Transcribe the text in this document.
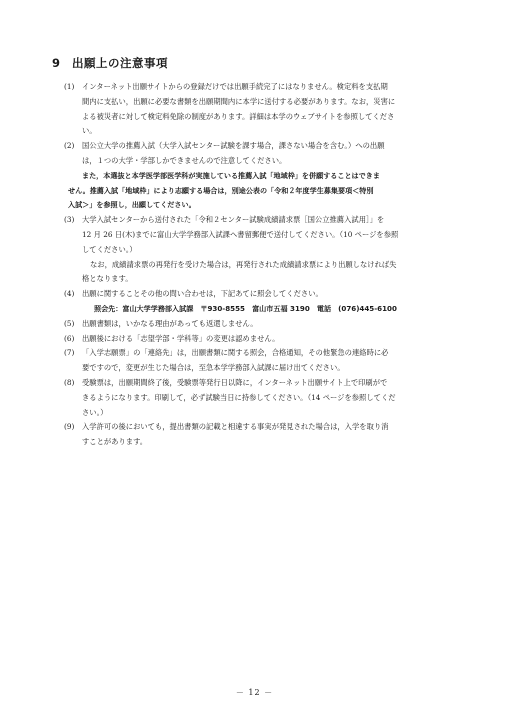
9 出願上の注意事項
(1)	インターネット出願サイトからの登録だけでは出願手続完了にはなりません。検定料を支払期
間内に支払い，出願に必要な書類を出願期間内に本学に送付する必要があります。なお，災害に
よる被災者に対して検定料免除の制度があります。詳細は本学のウェブサイトを参照してくださ
い。
(2)	国公立大学の推薦入試（大学入試センター試験を課す場合，課さない場合を含む。）への出願
は，１つの大学・学部しかできませんので注意してください。
また，本選抜と本学医学部医学科が実施している推薦入試「地域枠」を併願することはできま
せん。推薦入試「地域枠」により志願する場合は，別途公表の「令和２年度学生募集要項＜特別
入試＞」を参照し，出願してください。
(3)	大学入試センターから送付された「令和２センター試験成績請求票［国公立推薦入試用］」を
12 月 26 日(木)までに富山大学学務部入試課へ書留郵便で送付してください。（10 ページを参照
してください。）
なお，成績請求票の再発行を受けた場合は，再発行された成績請求票により出願しなければ失
格となります。
(4)	出願に関することその他の問い合わせは，下記あてに照会してください。
照会先：富山大学学務部入試課　〒930-8555　富山市五福 3190　電話　(076)445-6100
(5)	出願書類は，いかなる理由があっても返還しません。
(6)	出願後における「志望学部・学科等」の変更は認めません。
(7)	「入学志願票」の「連絡先」は，出願書類に関する照会，合格通知，その他緊急の連絡時に必
要ですので，変更が生じた場合は，至急本学学務部入試課に届け出てください。
(8)	受験票は，出願期間終了後，受験票等発行日以降に，インターネット出願サイト上で印刷がで
きるようになります。印刷して，必ず試験当日に持参してください。（14 ページを参照してくだ
さい。）
(9)	入学許可の後においても，提出書類の記載と相違する事実が発見された場合は，入学を取り消
すことがあります。
－ 12 －
